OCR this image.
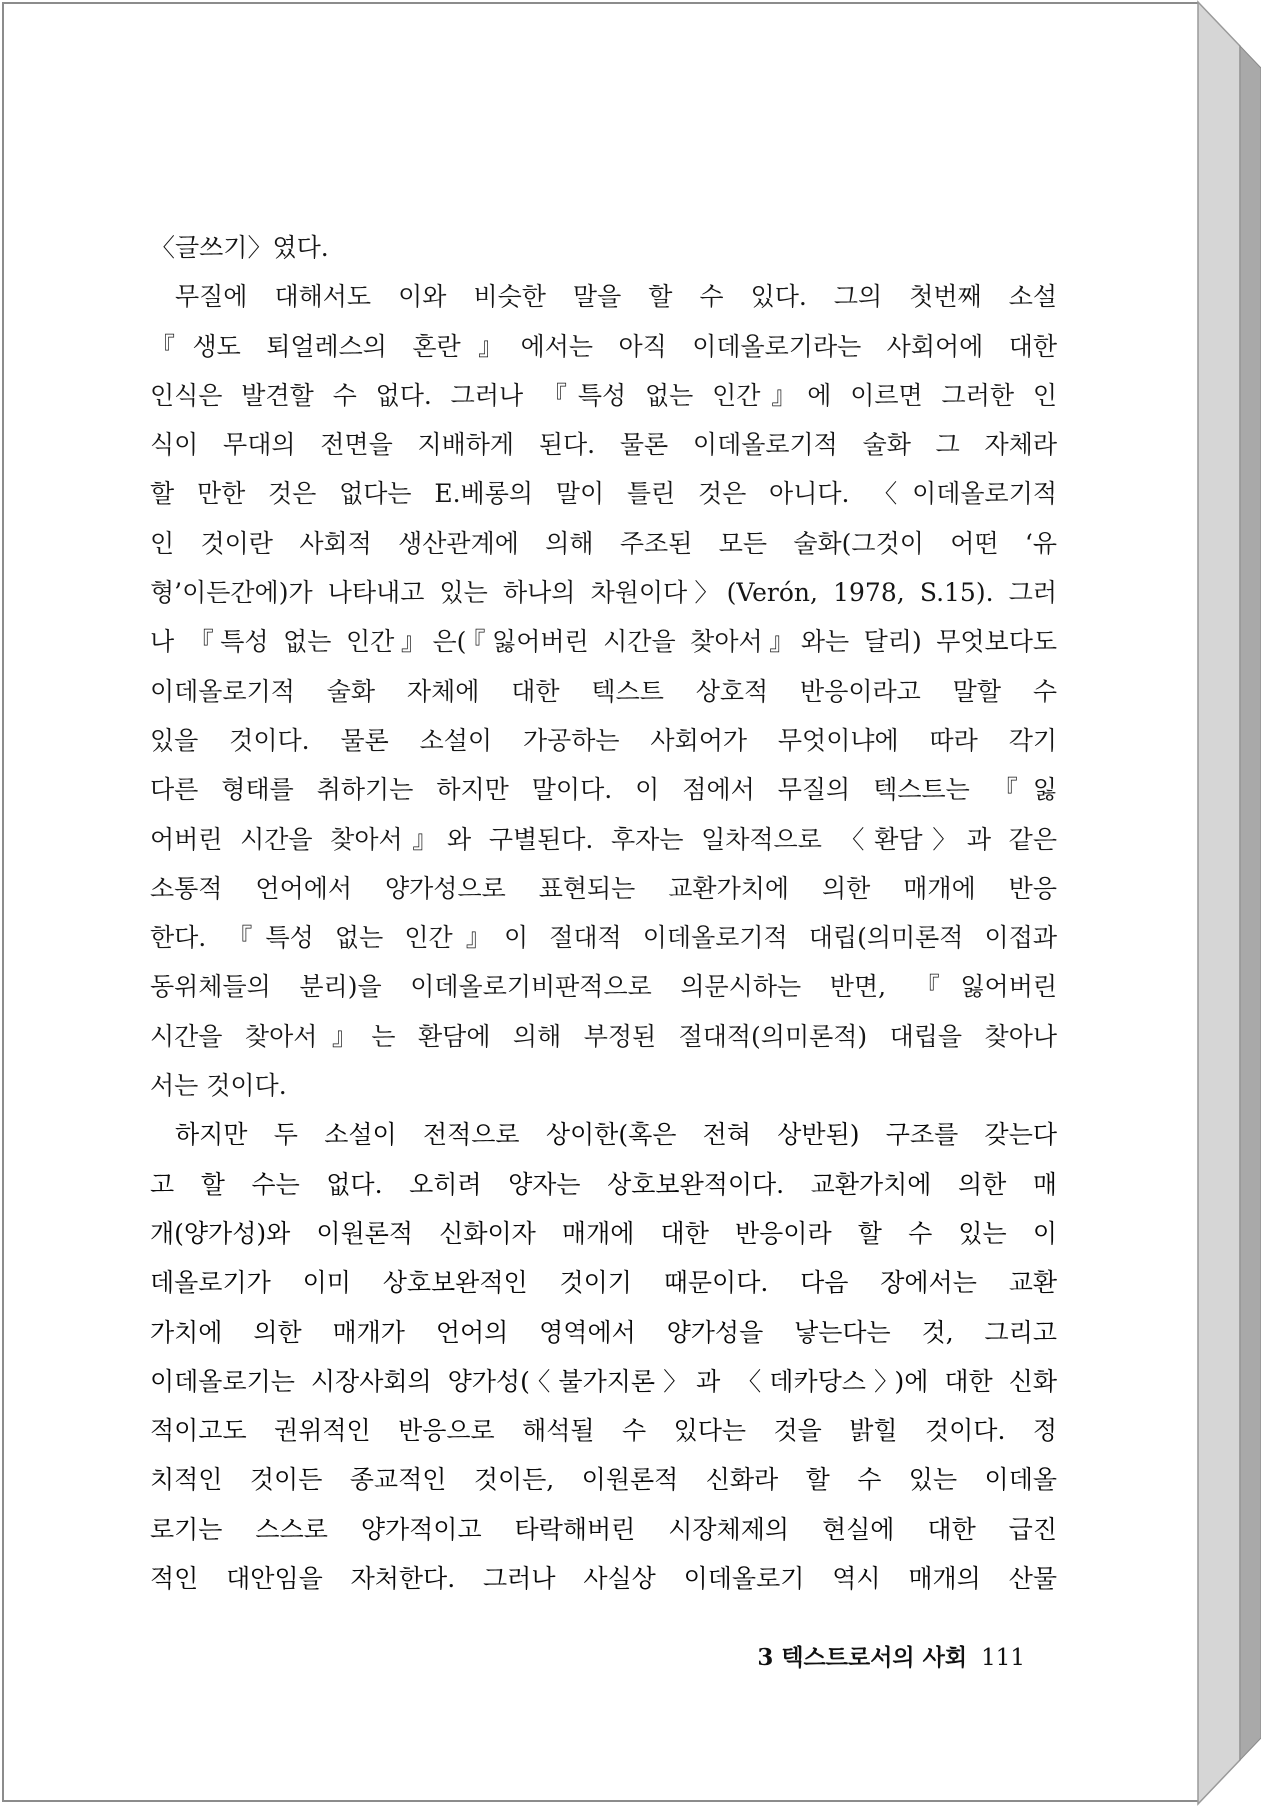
〈글쓰기〉였다.
무질에 대해서도 이와 비슷한 말을 할 수 있다. 그의 첫번째 소설
『생도 퇴얼레스의 혼란』에서는 아직 이데올로기라는 사회어에 대한
인식은 발견할 수 없다. 그러나 『특성 없는 인간』에 이르면 그러한 인
식이 무대의 전면을 지배하게 된다. 물론 이데올로기적 술화 그 자체라
할 만한 것은 없다는 E.베롱의 말이 틀린 것은 아니다. 〈이데올로기적
인 것이란 사회적 생산관계에 의해 주조된 모든 술화(그것이 어떤 ‘유
형’이든간에)가 나타내고 있는 하나의 차원이다〉(Verón, 1978, S.15). 그러
나 『특성 없는 인간』은(『잃어버린 시간을 찾아서』와는 달리) 무엇보다도
이데올로기적 술화 자체에 대한 텍스트 상호적 반응이라고 말할 수
있을 것이다. 물론 소설이 가공하는 사회어가 무엇이냐에 따라 각기
다른 형태를 취하기는 하지만 말이다. 이 점에서 무질의 텍스트는 『잃
어버린 시간을 찾아서』와 구별된다. 후자는 일차적으로 〈환담〉과 같은
소통적 언어에서 양가성으로 표현되는 교환가치에 의한 매개에 반응
한다. 『특성 없는 인간』이 절대적 이데올로기적 대립(의미론적 이접과
동위체들의 분리)을 이데올로기비판적으로 의문시하는 반면, 『잃어버린
시간을 찾아서』는 환담에 의해 부정된 절대적(의미론적) 대립을 찾아나
서는 것이다.
하지만 두 소설이 전적으로 상이한(혹은 전혀 상반된) 구조를 갖는다
고 할 수는 없다. 오히려 양자는 상호보완적이다. 교환가치에 의한 매
개(양가성)와 이원론적 신화이자 매개에 대한 반응이라 할 수 있는 이
데올로기가 이미 상호보완적인 것이기 때문이다. 다음 장에서는 교환
가치에 의한 매개가 언어의 영역에서 양가성을 낳는다는 것, 그리고
이데올로기는 시장사회의 양가성(〈불가지론〉과 〈데카당스〉)에 대한 신화
적이고도 권위적인 반응으로 해석될 수 있다는 것을 밝힐 것이다. 정
치적인 것이든 종교적인 것이든, 이원론적 신화라 할 수 있는 이데올
로기는 스스로 양가적이고 타락해버린 시장체제의 현실에 대한 급진
적인 대안임을 자처한다. 그러나 사실상 이데올로기 역시 매개의 산물
3 텍스트로서의 사회 111
